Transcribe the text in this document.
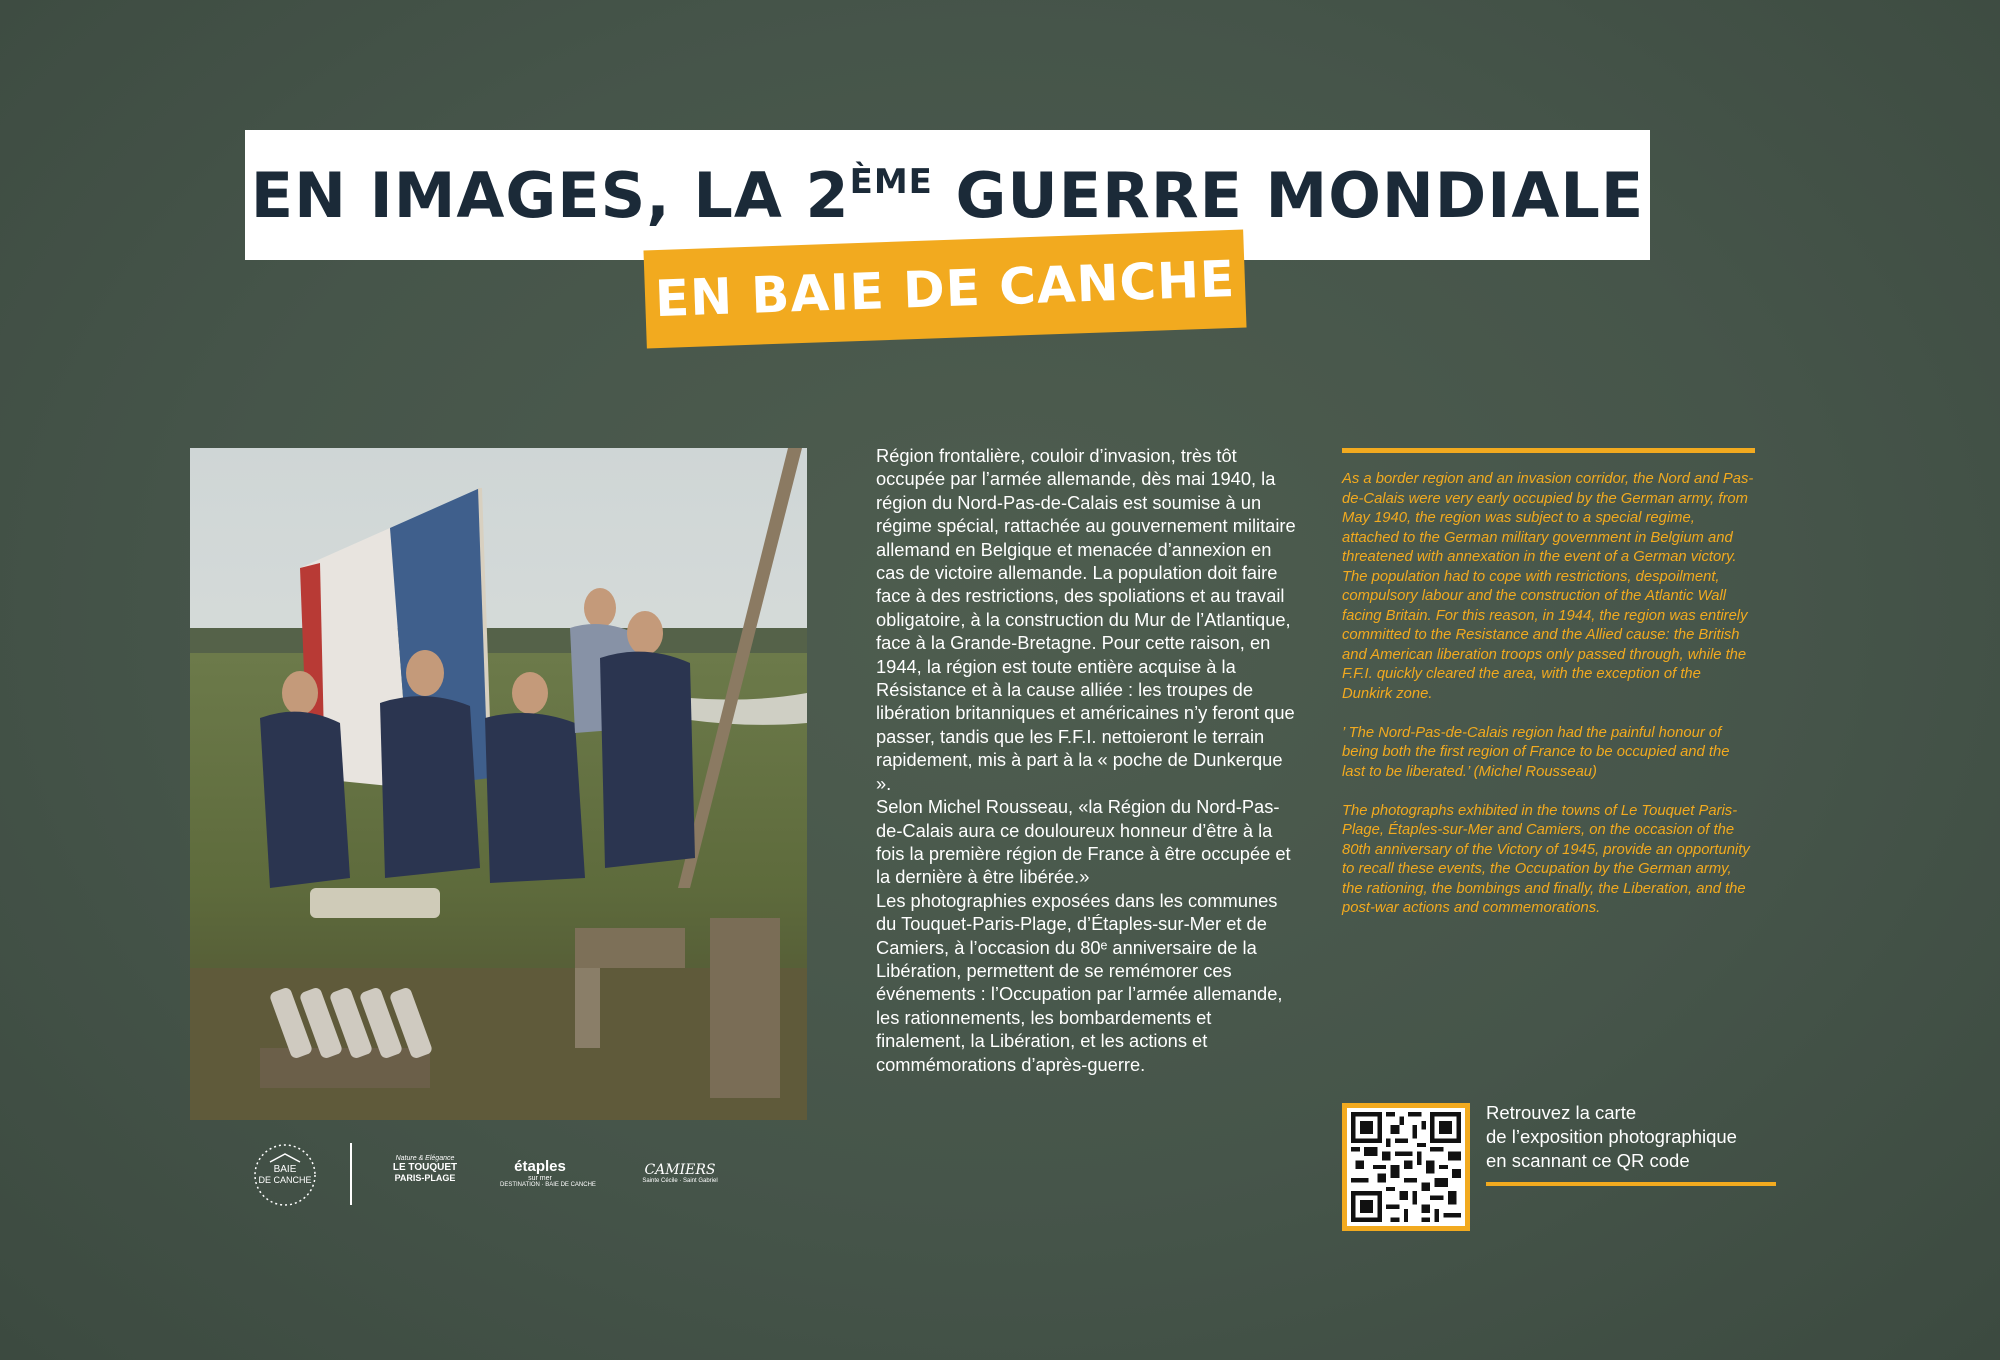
EN IMAGES, LA 2ÈME GUERRE MONDIALE
EN BAIE DE CANCHE

Région frontalière, couloir d’invasion, très tôt occupée par l’armée allemande, dès mai 1940, la région du Nord-Pas-de-Calais est soumise à un régime spécial, rattachée au gouvernement militaire allemand en Belgique et menacée d’annexion en cas de victoire allemande. La population doit faire face à des restrictions, des spoliations et au travail obligatoire, à la construction du Mur de l’Atlantique, face à la Grande-Bretagne. Pour cette raison, en 1944, la région est toute entière acquise à la Résistance et à la cause alliée : les troupes de libération britanniques et américaines n’y feront que passer, tandis que les F.F.I. nettoieront le terrain rapidement, mis à part à la « poche de Dunkerque ».

Selon Michel Rousseau, «la Région du Nord-Pas-de-Calais aura ce douloureux honneur d’être à la fois la première région de France à être occupée et la dernière à être libérée.»

Les photographies exposées dans les communes du Touquet-Paris-Plage, d’Étaples-sur-Mer et de Camiers, à l’occasion du 80ᵉ anniversaire de la Libération, permettent de se remémorer ces événements : l’Occupation par l’armée allemande, les rationnements, les bombardements et finalement, la Libération, et les actions et commémorations d’après-guerre.

As a border region and an invasion corridor, the Nord and Pas-de-Calais were very early occupied by the German army, from May 1940, the region was subject to a special regime, attached to the German military government in Belgium and threatened with annexation in the event of a German victory. The population had to cope with restrictions, despoilment, compulsory labour and the construction of the Atlantic Wall facing Britain. For this reason, in 1944, the region was entirely committed to the Resistance and the Allied cause: the British and American liberation troops only passed through, while the F.F.I. quickly cleared the area, with the exception of the Dunkirk zone.

’ The Nord-Pas-de-Calais region had the painful honour of being both the first region of France to be occupied and the last to be liberated.’ (Michel Rousseau)

The photographs exhibited in the towns of Le Touquet Paris-Plage, Étaples-sur-Mer and Camiers, on the occasion of the 80th anniversary of the Victory of 1945, provide an opportunity to recall these events, the Occupation by the German army, the rationing, the bombings and finally, the Liberation, and the post-war actions and commemorations.

Retrouvez la carte
de l’exposition photographique
en scannant ce QR code
BAIE
DE CANCHE
Nature & Elégance
LE TOUQUET
PARIS-PLAGE
étaples
sur mer
DESTINATION · BAIE DE CANCHE
CAMIERS
Sainte Cécile · Saint Gabriel
